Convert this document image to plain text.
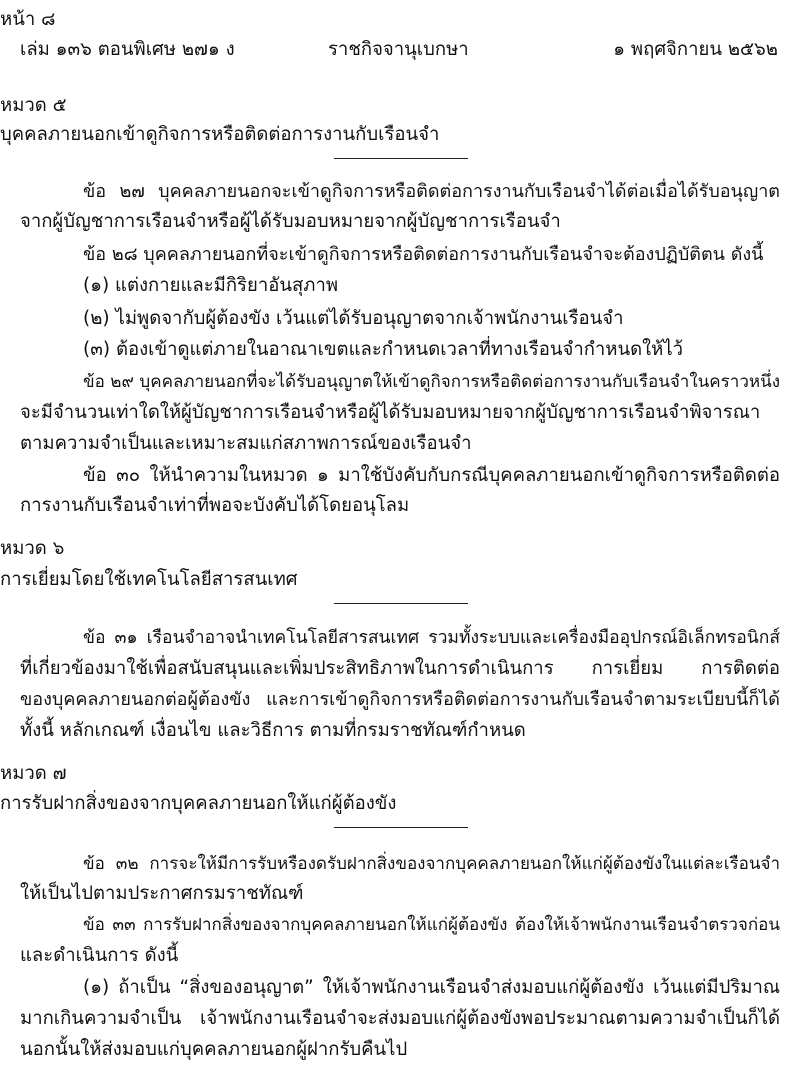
หน้า ๘
เล่ม ๑๓๖ ตอนพิเศษ ๒๗๑ ง	ราชกิจจานุเบกษา	๑ พฤศจิกายน ๒๕๖๒
หมวด ๕
บุคคลภายนอกเข้าดูกิจการหรือติดต่อการงานกับเรือนจำ
ข้อ ๒๗ บุคคลภายนอกจะเข้าดูกิจการหรือติดต่อการงานกับเรือนจำได้ต่อเมื่อได้รับอนุญาต
จากผู้บัญชาการเรือนจำหรือผู้ได้รับมอบหมายจากผู้บัญชาการเรือนจำ
ข้อ ๒๘ บุคคลภายนอกที่จะเข้าดูกิจการหรือติดต่อการงานกับเรือนจำจะต้องปฏิบัติตน ดังนี้
(๑) แต่งกายและมีกิริยาอันสุภาพ
(๒) ไม่พูดจากับผู้ต้องขัง เว้นแต่ได้รับอนุญาตจากเจ้าพนักงานเรือนจำ
(๓) ต้องเข้าดูแต่ภายในอาณาเขตและกำหนดเวลาที่ทางเรือนจำกำหนดให้ไว้
ข้อ ๒๙ บุคคลภายนอกที่จะได้รับอนุญาตให้เข้าดูกิจการหรือติดต่อการงานกับเรือนจำในคราวหนึ่ง
จะมีจำนวนเท่าใดให้ผู้บัญชาการเรือนจำหรือผู้ได้รับมอบหมายจากผู้บัญชาการเรือนจำพิจารณา
ตามความจำเป็นและเหมาะสมแก่สภาพการณ์ของเรือนจำ
ข้อ ๓๐ ให้นำความในหมวด ๑ มาใช้บังคับกับกรณีบุคคลภายนอกเข้าดูกิจการหรือติดต่อ
การงานกับเรือนจำเท่าที่พอจะบังคับได้โดยอนุโลม
หมวด ๖
การเยี่ยมโดยใช้เทคโนโลยีสารสนเทศ
ข้อ ๓๑ เรือนจำอาจนำเทคโนโลยีสารสนเทศ รวมทั้งระบบและเครื่องมืออุปกรณ์อิเล็กทรอนิกส์
ที่เกี่ยวข้องมาใช้เพื่อสนับสนุนและเพิ่มประสิทธิภาพในการดำเนินการ การเยี่ยม การติดต่อ
ของบุคคลภายนอกต่อผู้ต้องขัง และการเข้าดูกิจการหรือติดต่อการงานกับเรือนจำตามระเบียบนี้ก็ได้
ทั้งนี้ หลักเกณฑ์ เงื่อนไข และวิธีการ ตามที่กรมราชทัณฑ์กำหนด
หมวด ๗
การรับฝากสิ่งของจากบุคคลภายนอกให้แก่ผู้ต้องขัง
ข้อ ๓๒ การจะให้มีการรับหรืองดรับฝากสิ่งของจากบุคคลภายนอกให้แก่ผู้ต้องขังในแต่ละเรือนจำ
ให้เป็นไปตามประกาศกรมราชทัณฑ์
ข้อ ๓๓ การรับฝากสิ่งของจากบุคคลภายนอกให้แก่ผู้ต้องขัง ต้องให้เจ้าพนักงานเรือนจำตรวจก่อน
และดำเนินการ ดังนี้
(๑) ถ้าเป็น “สิ่งของอนุญาต” ให้เจ้าพนักงานเรือนจำส่งมอบแก่ผู้ต้องขัง เว้นแต่มีปริมาณ
มากเกินความจำเป็น เจ้าพนักงานเรือนจำจะส่งมอบแก่ผู้ต้องขังพอประมาณตามความจำเป็นก็ได้
นอกนั้นให้ส่งมอบแก่บุคคลภายนอกผู้ฝากรับคืนไป
